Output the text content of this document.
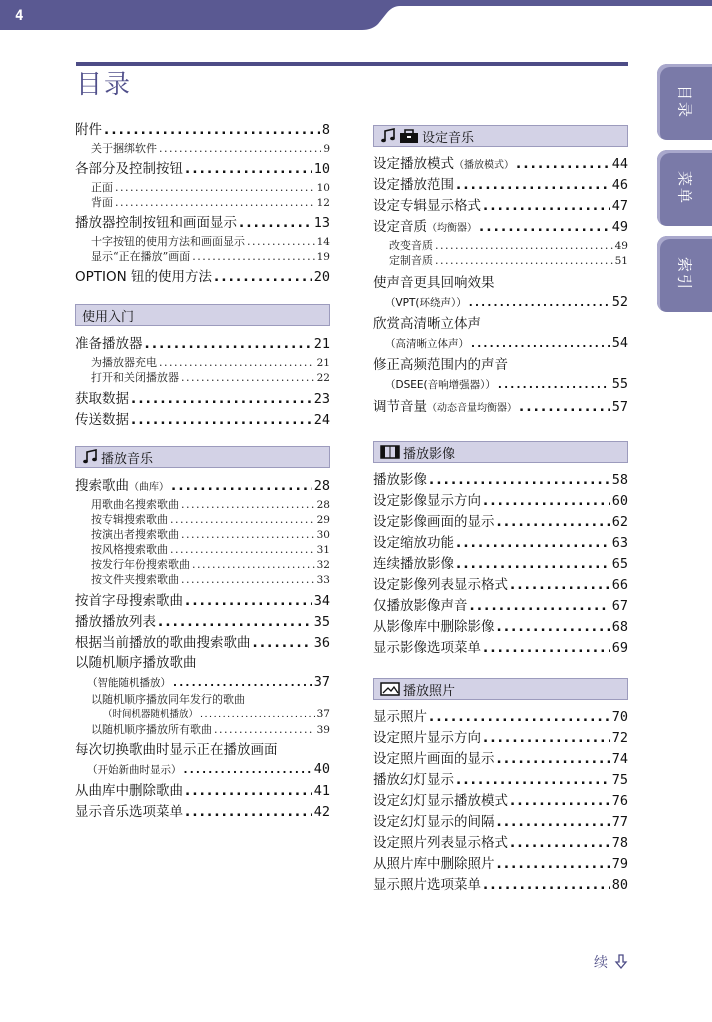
4
目录	目录
菜单
索引
附件 .....	8
关于捆绑软件 .....	9
各部分及控制按钮 .....	10
正面 .....	10
背面 .....	12
播放器控制按钮和画面显示 .....	13
十字按钮的使用方法和画面显示 .....	14
显示“正在播放”画面 .....	19
OPTION 钮的使用方法 .....	20
使用入门
准备播放器 .....	21
为播放器充电 .....	21
打开和关闭播放器 .....	22
获取数据 .....	23
传送数据 .....	24
播放音乐
搜索歌曲（曲库） .....	28
用歌曲名搜索歌曲 .....	28
按专辑搜索歌曲 .....	29
按演出者搜索歌曲 .....	30
按风格搜索歌曲 .....	31
按发行年份搜索歌曲 .....	32
按文件夹搜索歌曲 .....	33
按首字母搜索歌曲 .....	34
播放播放列表 .....	35
根据当前播放的歌曲搜索歌曲 .....	36
以随机顺序播放歌曲
（智能随机播放） .....	37
以随机顺序播放同年发行的歌曲
（时间机器随机播放） .....	37
以随机顺序播放所有歌曲 .....	39
每次切换歌曲时显示正在播放画面
（开始新曲时显示） .....	40
从曲库中删除歌曲 .....	41
显示音乐选项菜单 .....	42
设定音乐
设定播放模式（播放模式） .....	44
设定播放范围 .....	46
设定专辑显示格式 .....	47
设定音质（均衡器） .....	49
改变音质 .....	49
定制音质 .....	51
使声音更具回响效果
（VPT(环绕声）） .....	52
欣赏高清晰立体声
（高清晰立体声） .....	54
修正高频范围内的声音
（DSEE(音响增强器）） .....	55
调节音量（动态音量均衡器） .....	57
播放影像
播放影像 .....	58
设定影像显示方向 .....	60
设定影像画面的显示 .....	62
设定缩放功能 .....	63
连续播放影像 .....	65
设定影像列表显示格式 .....	66
仅播放影像声音 .....	67
从影像库中删除影像 .....	68
显示影像选项菜单 .....	69
播放照片
显示照片 .....	70
设定照片显示方向 .....	72
设定照片画面的显示 .....	74
播放幻灯显示 .....	75
设定幻灯显示播放模式 .....	76
设定幻灯显示的间隔 .....	77
设定照片列表显示格式 .....	78
从照片库中删除照片 .....	79
显示照片选项菜单 .....	80
续
